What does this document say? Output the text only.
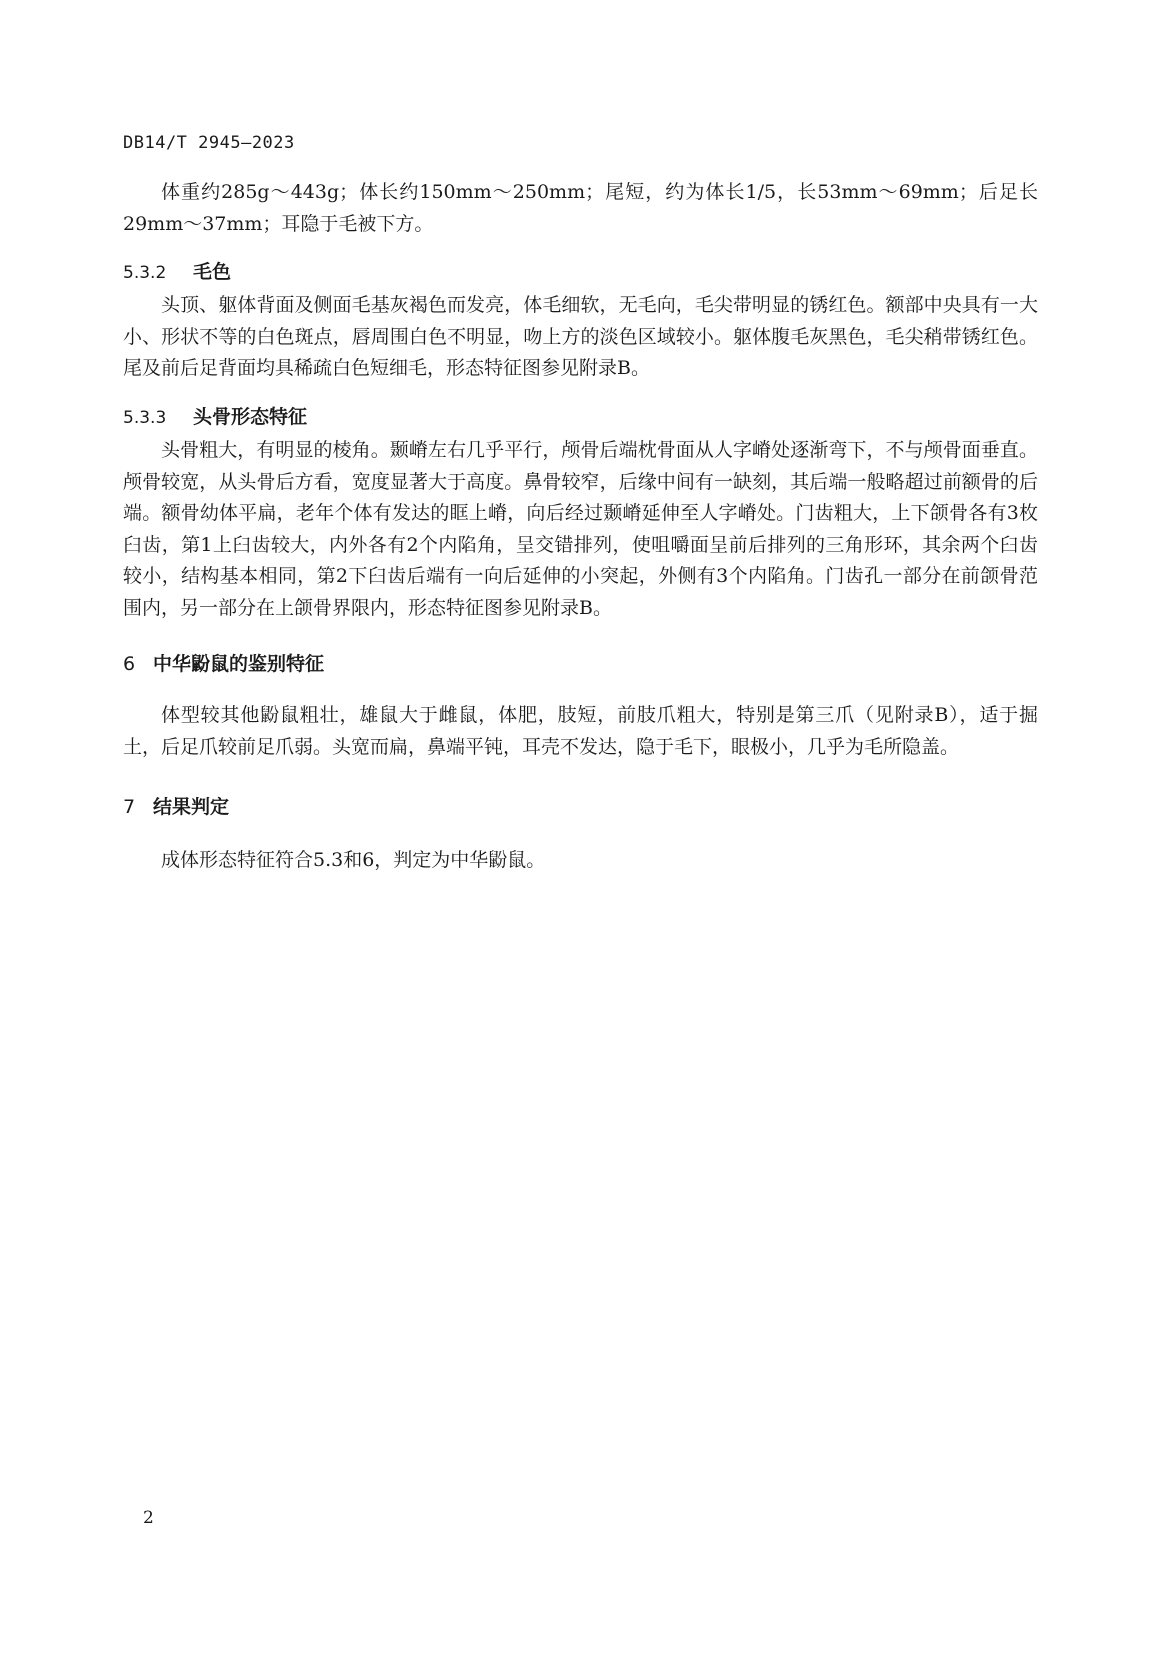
DB14/T 2945—2023
体重约285g～443g；体长约150mm～250mm；尾短，约为体长1/5，长53mm～69mm；后足长29mm～37mm；耳隐于毛被下方。
5.3.2 毛色
头顶、躯体背面及侧面毛基灰褐色而发亮，体毛细软，无毛向，毛尖带明显的锈红色。额部中央具有一大小、形状不等的白色斑点，唇周围白色不明显，吻上方的淡色区域较小。躯体腹毛灰黑色，毛尖稍带锈红色。尾及前后足背面均具稀疏白色短细毛，形态特征图参见附录B。
5.3.3 头骨形态特征
头骨粗大，有明显的棱角。颞嵴左右几乎平行，颅骨后端枕骨面从人字嵴处逐渐弯下，不与颅骨面垂直。颅骨较宽，从头骨后方看，宽度显著大于高度。鼻骨较窄，后缘中间有一缺刻，其后端一般略超过前额骨的后端。额骨幼体平扁，老年个体有发达的眶上嵴，向后经过颞嵴延伸至人字嵴处。门齿粗大，上下颌骨各有3枚臼齿，第1上臼齿较大，内外各有2个内陷角，呈交错排列，使咀嚼面呈前后排列的三角形环，其余两个臼齿较小，结构基本相同，第2下臼齿后端有一向后延伸的小突起，外侧有3个内陷角。门齿孔一部分在前颌骨范围内，另一部分在上颌骨界限内，形态特征图参见附录B。
6 中华鼢鼠的鉴别特征
体型较其他鼢鼠粗壮，雄鼠大于雌鼠，体肥，肢短，前肢爪粗大，特别是第三爪（见附录B），适于掘土，后足爪较前足爪弱。头宽而扁，鼻端平钝，耳壳不发达，隐于毛下，眼极小，几乎为毛所隐盖。
7 结果判定
成体形态特征符合5.3和6，判定为中华鼢鼠。
2
